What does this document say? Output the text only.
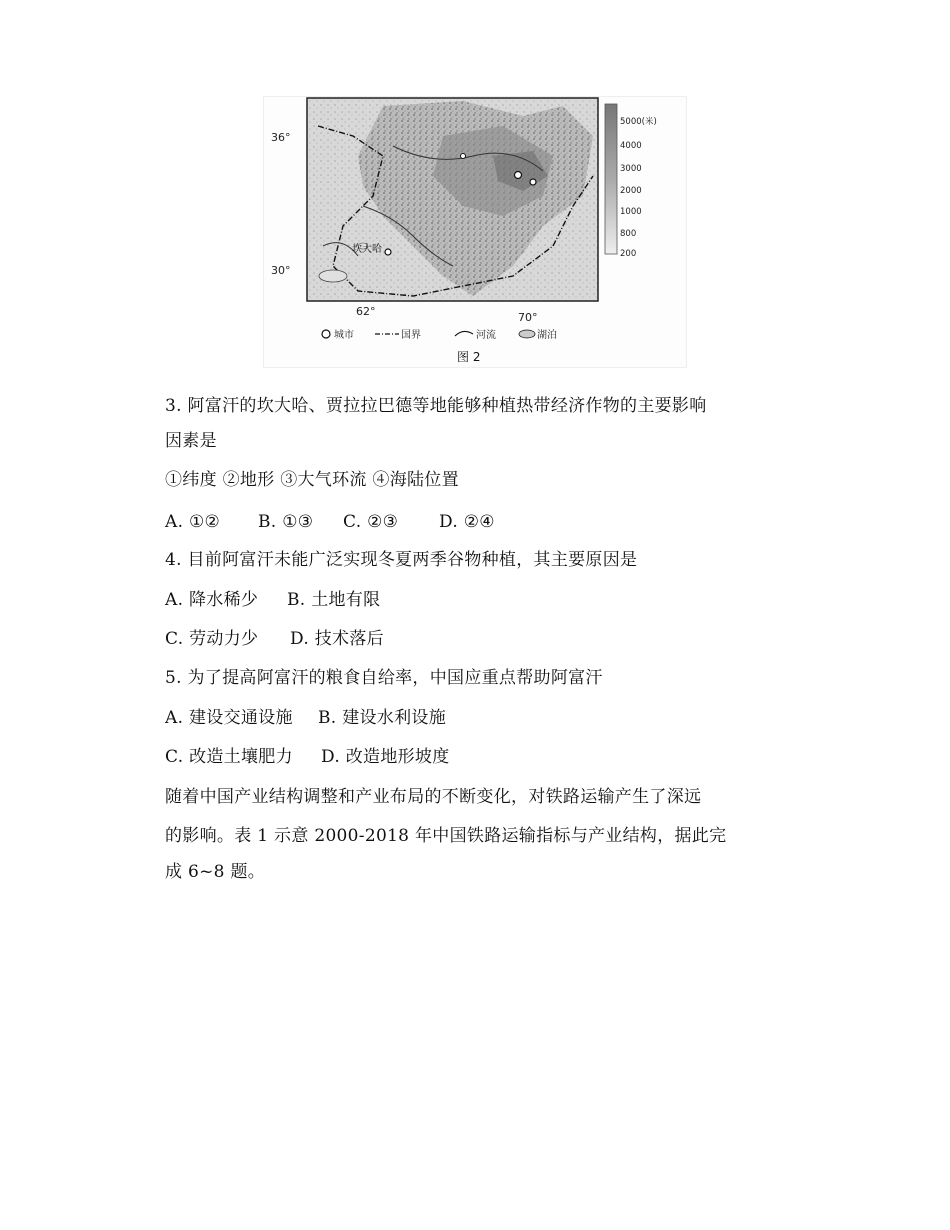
坎大哈
36°
30°
62°	70°
5000(米)
4000
3000
2000
1000
800
200
城市	国界	河流	湖泊
图 2
3. 阿富汗的坎大哈、贾拉拉巴德等地能够种植热带经济作物的主要影响
因素是
①纬度 ②地形 ③大气环流 ④海陆位置
A. ①② B. ①③ C. ②③ D. ②④
4. 目前阿富汗未能广泛实现冬夏两季谷物种植，其主要原因是
A. 降水稀少 B. 土地有限
C. 劳动力少 D. 技术落后
5. 为了提高阿富汗的粮食自给率，中国应重点帮助阿富汗
A. 建设交通设施 B. 建设水利设施
C. 改造土壤肥力 D. 改造地形坡度
随着中国产业结构调整和产业布局的不断变化，对铁路运输产生了深远
的影响。表 1 示意 2000-2018 年中国铁路运输指标与产业结构，据此完
成 6~8 题。
